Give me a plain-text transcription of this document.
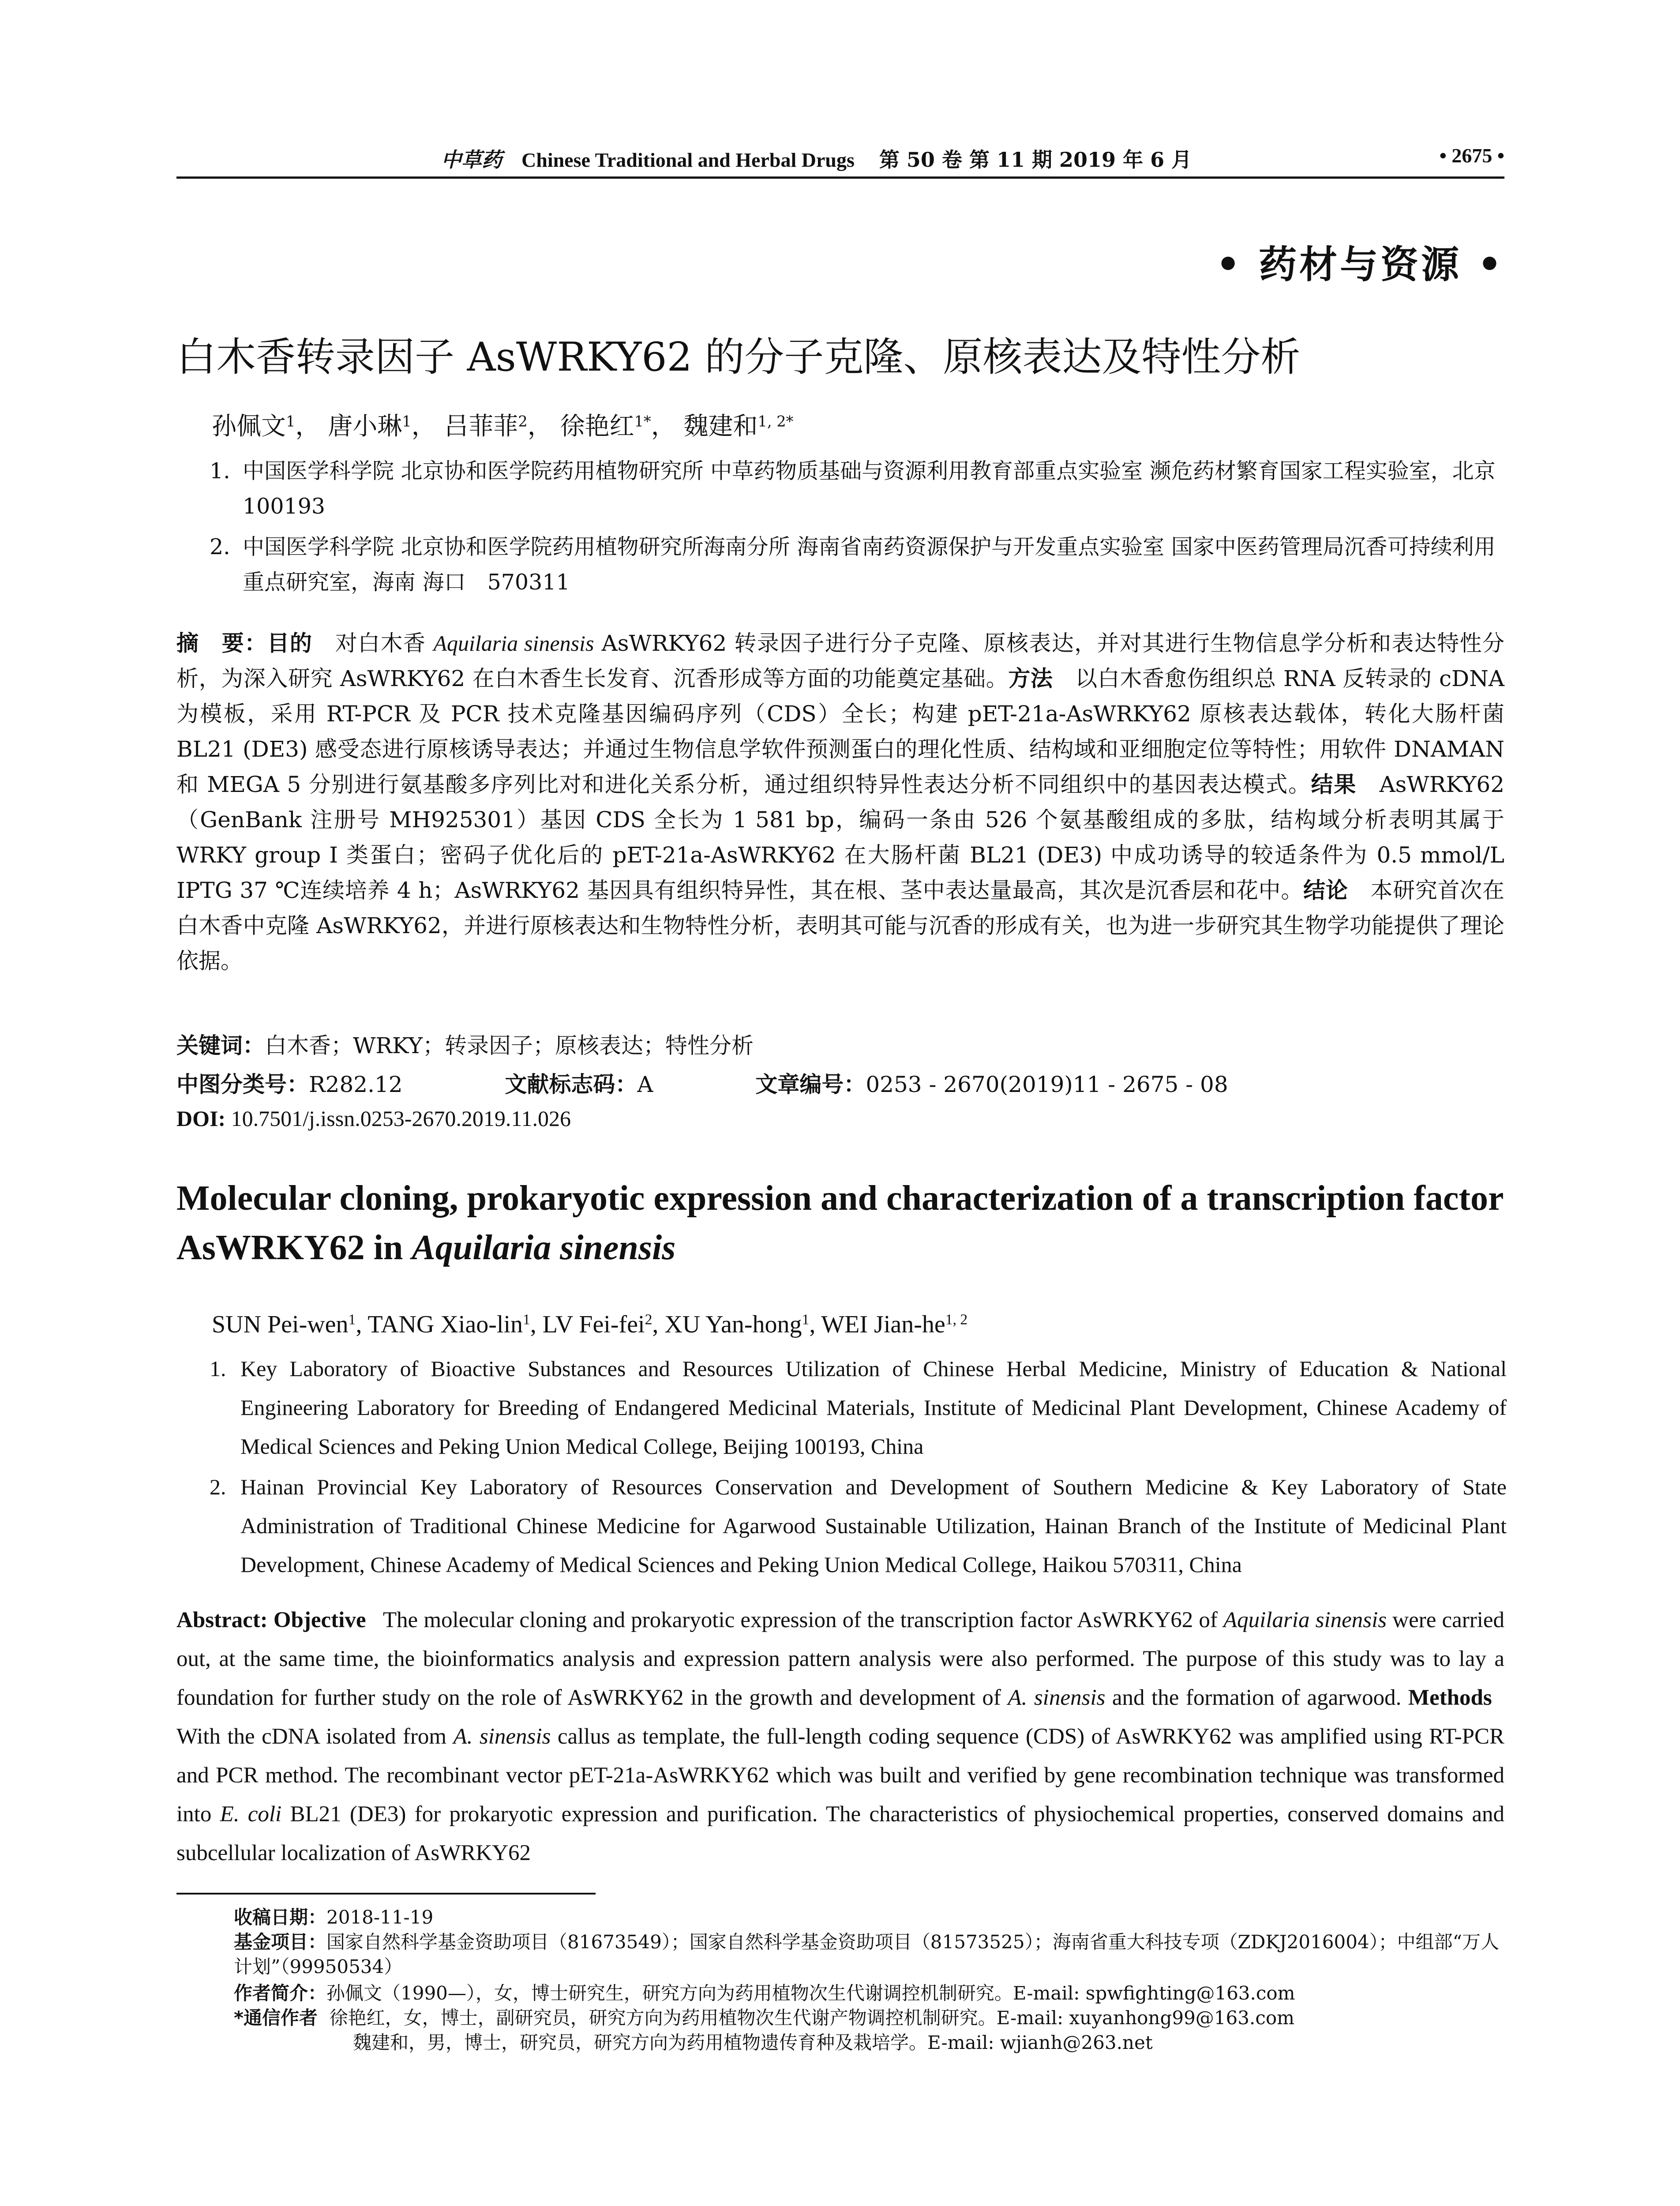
中草药 Chinese Traditional and Herbal Drugs 第 50 卷 第 11 期 2019 年 6 月	• 2675 •
• 药材与资源 •
白木香转录因子 AsWRKY62 的分子克隆、原核表达及特性分析
孙佩文$^1$， 唐小琳$^1$， 吕菲菲$^2$， 徐艳红$^{1*}$， 魏建和$^{1, 2*}$
1. 中国医学科学院 北京协和医学院药用植物研究所 中草药物质基础与资源利用教育部重点实验室 濒危药材繁育国家工程实验室，北京　100193
2. 中国医学科学院 北京协和医学院药用植物研究所海南分所 海南省南药资源保护与开发重点实验室 国家中医药管理局沉香可持续利用重点研究室，海南 海口　570311
摘　要：目的　 对白木香 Aquilaria sinensis AsWRKY62 转录因子进行分子克隆、原核表达，并对其进行生物信息学分析和表达特性分析，为深入研究 AsWRKY62 在白木香生长发育、沉香形成等方面的功能奠定基础。方法　 以白木香愈伤组织总 RNA 反转录的 cDNA 为模板，采用 RT-PCR 及 PCR 技术克隆基因编码序列（CDS）全长；构建 pET-21a-AsWRKY62 原核表达载体，转化大肠杆菌 BL21 (DE3) 感受态进行原核诱导表达；并通过生物信息学软件预测蛋白的理化性质、结构域和亚细胞定位等特性；用软件 DNAMAN 和 MEGA 5 分别进行氨基酸多序列比对和进化关系分析，通过组织特异性表达分析不同组织中的基因表达模式。结果　 AsWRKY62（GenBank 注册号 MH925301）基因 CDS 全长为 1 581 bp，编码一条由 526 个氨基酸组成的多肽，结构域分析表明其属于 WRKY group I 类蛋白；密码子优化后的 pET-21a-AsWRKY62 在大肠杆菌 BL21 (DE3) 中成功诱导的较适条件为 0.5 mmol/L IPTG 37 ℃连续培养 4 h；AsWRKY62 基因具有组织特异性，其在根、茎中表达量最高，其次是沉香层和花中。结论　 本研究首次在白木香中克隆 AsWRKY62，并进行原核表达和生物特性分析，表明其可能与沉香的形成有关，也为进一步研究其生物学功能提供了理论依据。
关键词：白木香；WRKY；转录因子；原核表达；特性分析
中图分类号：R282.12	文献标志码：A	文章编号：0253 - 2670(2019)11 - 2675 - 08
DOI: 10.7501/j.issn.0253-2670.2019.11.026
Molecular cloning, prokaryotic expression and characterization of a transcription factor AsWRKY62 in Aquilaria sinensis
SUN Pei-wen$^1$, TANG Xiao-lin$^1$, LV Fei-fei$^2$, XU Yan-hong$^1$, WEI Jian-he$^{1, 2}$
1. Key Laboratory of Bioactive Substances and Resources Utilization of Chinese Herbal Medicine, Ministry of Education & National Engineering Laboratory for Breeding of Endangered Medicinal Materials, Institute of Medicinal Plant Development, Chinese Academy of Medical Sciences and Peking Union Medical College, Beijing 100193, China
2. Hainan Provincial Key Laboratory of Resources Conservation and Development of Southern Medicine & Key Laboratory of State Administration of Traditional Chinese Medicine for Agarwood Sustainable Utilization, Hainan Branch of the Institute of Medicinal Plant Development, Chinese Academy of Medical Sciences and Peking Union Medical College, Haikou 570311, China
Abstract: Objective The molecular cloning and prokaryotic expression of the transcription factor AsWRKY62 of Aquilaria sinensis were carried out, at the same time, the bioinformatics analysis and expression pattern analysis were also performed. The purpose of this study was to lay a foundation for further study on the role of AsWRKY62 in the growth and development of A. sinensis and the formation of agarwood. Methods   With the cDNA isolated from A. sinensis callus as template, the full-length coding sequence (CDS) of AsWRKY62 was amplified using RT-PCR and PCR method. The recombinant vector pET-21a-AsWRKY62 which was built and verified by gene recombination technique was transformed into E. coli BL21 (DE3) for prokaryotic expression and purification. The characteristics of physiochemical properties, conserved domains and subcellular localization of AsWRKY62
收稿日期：2018-11-19
基金项目：国家自然科学基金资助项目（81673549）；国家自然科学基金资助项目（81573525）；海南省重大科技专项（ZDKJ2016004）；中组部“万人计划”（99950534）
作者简介：孙佩文（1990—），女，博士研究生，研究方向为药用植物次生代谢调控机制研究。E-mail: spwfighting@163.com
*通信作者 徐艳红，女，博士，副研究员，研究方向为药用植物次生代谢产物调控机制研究。E-mail: xuyanhong99@163.com
魏建和，男，博士，研究员，研究方向为药用植物遗传育种及栽培学。E-mail: wjianh@263.net
